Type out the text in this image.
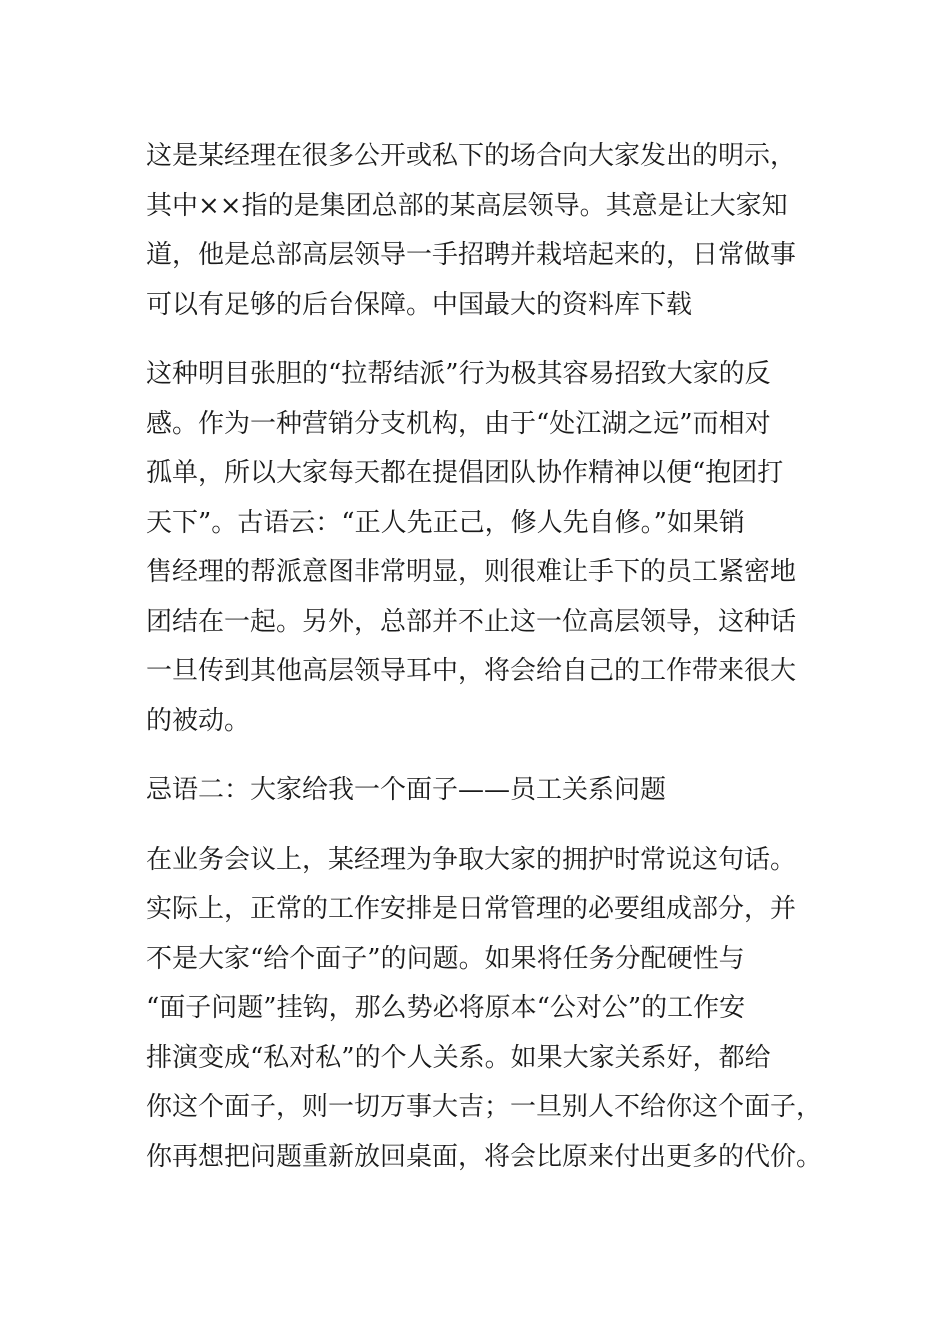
这是某经理在很多公开或私下的场合向大家发出的明示，
其中××指的是集团总部的某高层领导。其意是让大家知
道，他是总部高层领导一手招聘并栽培起来的，日常做事
可以有足够的后台保障。中国最大的资料库下载

这种明目张胆的“拉帮结派”行为极其容易招致大家的反
感。作为一种营销分支机构，由于“处江湖之远”而相对
孤单，所以大家每天都在提倡团队协作精神以便“抱团打
天下”。古语云：“正人先正己，修人先自修。”如果销
售经理的帮派意图非常明显，则很难让手下的员工紧密地
团结在一起。另外，总部并不止这一位高层领导，这种话
一旦传到其他高层领导耳中，将会给自己的工作带来很大
的被动。

忌语二：大家给我一个面子——员工关系问题

在业务会议上，某经理为争取大家的拥护时常说这句话。
实际上，正常的工作安排是日常管理的必要组成部分，并
不是大家“给个面子”的问题。如果将任务分配硬性与
“面子问题”挂钩，那么势必将原本“公对公”的工作安
排演变成“私对私”的个人关系。如果大家关系好，都给
你这个面子，则一切万事大吉；一旦别人不给你这个面子，
你再想把问题重新放回桌面，将会比原来付出更多的代价。
